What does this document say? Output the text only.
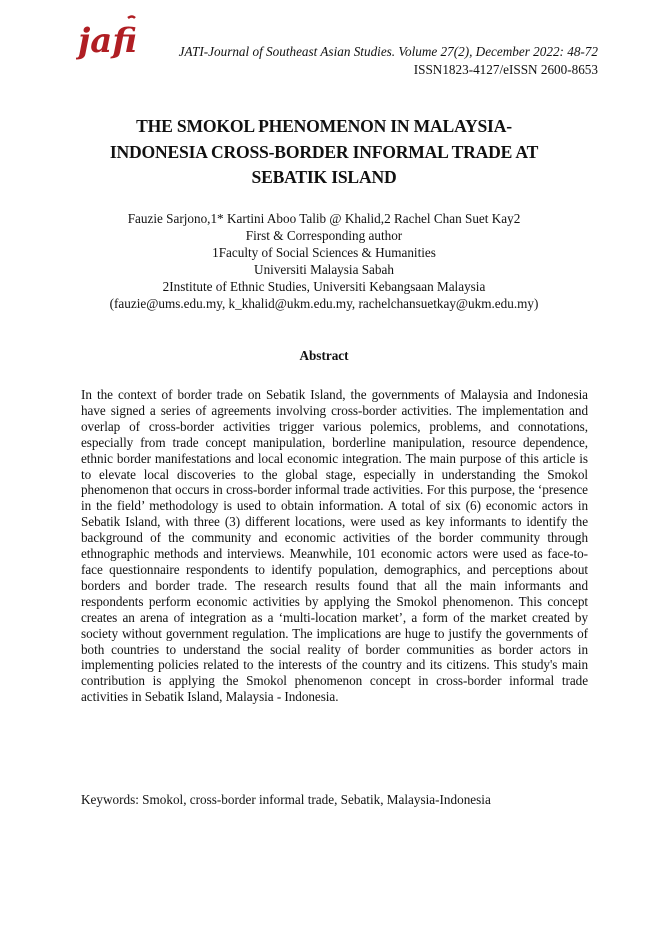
jafi	JATI-Journal of Southeast Asian Studies. Volume 27(2), December 2022: 48-72
ISSN1823-4127/eISSN 2600-8653
THE SMOKOL PHENOMENON IN MALAYSIA-
INDONESIA CROSS-BORDER INFORMAL TRADE AT
SEBATIK ISLAND
Fauzie Sarjono,1* Kartini Aboo Talib @ Khalid,2 Rachel Chan Suet Kay2
First & Corresponding author
1Faculty of Social Sciences & Humanities
Universiti Malaysia Sabah
2Institute of Ethnic Studies, Universiti Kebangsaan Malaysia
(fauzie@ums.edu.my, k_khalid@ukm.edu.my, rachelchansuetkay@ukm.edu.my)
Abstract
In the context of border trade on Sebatik Island, the governments of Malaysia and Indonesia have signed a series of agreements involving cross-border activities. The implementation and overlap of cross-border activities trigger various polemics, problems, and connotations, especially from trade concept manipulation, borderline manipulation, resource dependence, ethnic border manifestations and local economic integration. The main purpose of this article is to elevate local discoveries to the global stage, especially in understanding the Smokol phenomenon that occurs in cross-border informal trade activities. For this purpose, the ‘presence in the field’ methodology is used to obtain information. A total of six (6) economic actors in Sebatik Island, with three (3) different locations, were used as key informants to identify the background of the community and economic activities of the border community through ethnographic methods and interviews. Meanwhile, 101 economic actors were used as face-to-face questionnaire respondents to identify population, demographics, and perceptions about borders and border trade. The research results found that all the main informants and respondents perform economic activities by applying the Smokol phenomenon. This concept creates an arena of integration as a ‘multi-location market’, a form of the market created by society without government regulation. The implications are huge to justify the governments of both countries to understand the social reality of border communities as border actors in implementing policies related to the interests of the country and its citizens. This study's main contribution is applying the Smokol phenomenon concept in cross-border informal trade activities in Sebatik Island, Malaysia - Indonesia.
Keywords: Smokol, cross-border informal trade, Sebatik, Malaysia-Indonesia
